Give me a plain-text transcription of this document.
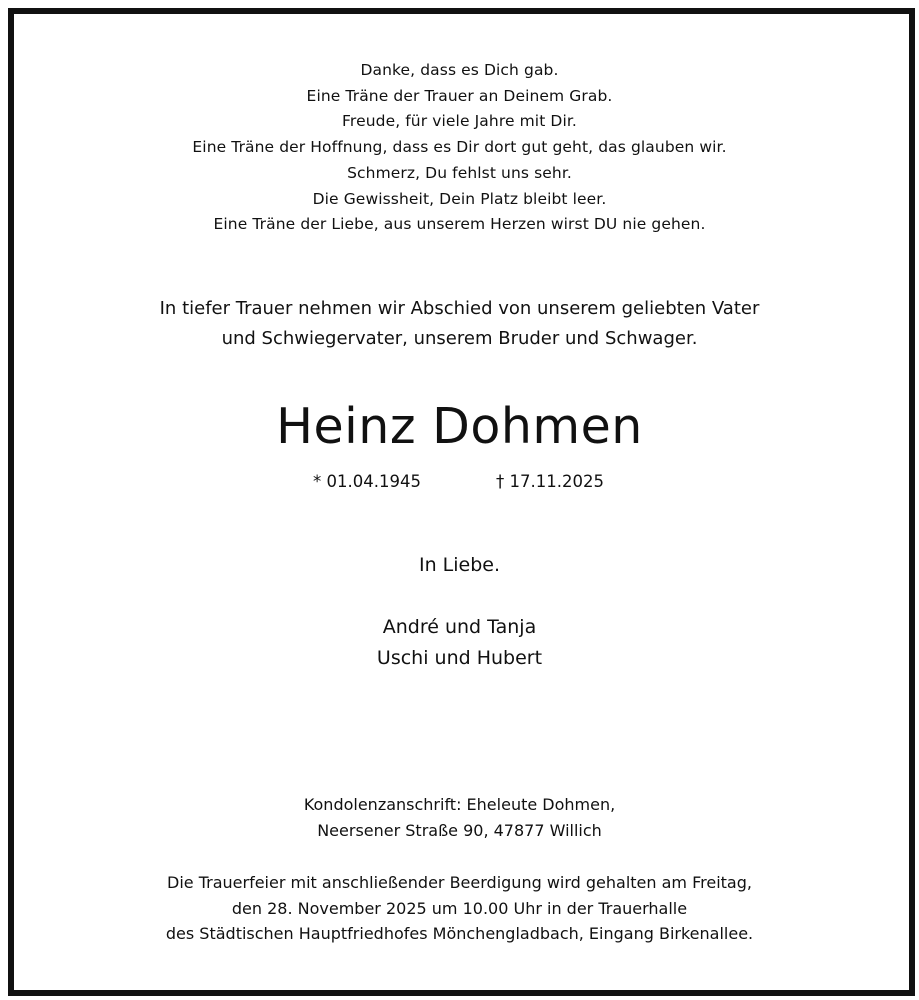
Danke, dass es Dich gab.
Eine Träne der Trauer an Deinem Grab.
Freude, für viele Jahre mit Dir.
Eine Träne der Hoffnung, dass es Dir dort gut geht, das glauben wir.
Schmerz, Du fehlst uns sehr.
Die Gewissheit, Dein Platz bleibt leer.
Eine Träne der Liebe, aus unserem Herzen wirst DU nie gehen.
In tiefer Trauer nehmen wir Abschied von unserem geliebten Vater
und Schwiegervater, unserem Bruder und Schwager.
Heinz Dohmen
* 01.04.1945	† 17.11.2025
In Liebe.
André und Tanja
Uschi und Hubert
Kondolenzanschrift: Eheleute Dohmen,
Neersener Straße 90, 47877 Willich
Die Trauerfeier mit anschließender Beerdigung wird gehalten am Freitag,
den 28. November 2025 um 10.00 Uhr in der Trauerhalle
des Städtischen Hauptfriedhofes Mönchengladbach, Eingang Birkenallee.
